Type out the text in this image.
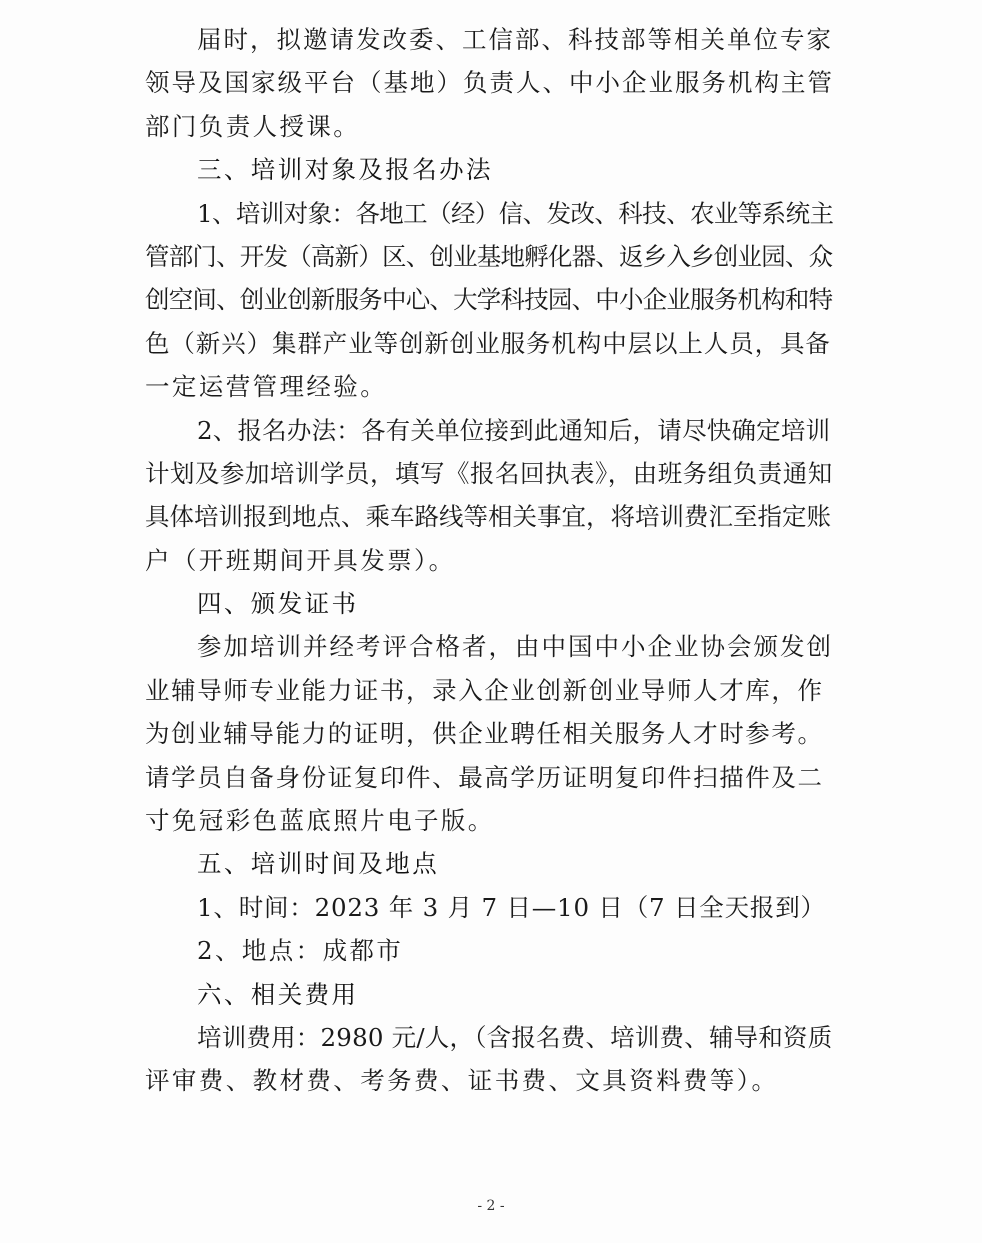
届时，拟邀请发改委、工信部、科技部等相关单位专家
领导及国家级平台（基地）负责人、中小企业服务机构主管
部门负责人授课。
三、培训对象及报名办法
1、培训对象：各地工（经）信、发改、科技、农业等系统主
管部门、开发（高新）区、创业基地孵化器、返乡入乡创业园、众
创空间、创业创新服务中心、大学科技园、中小企业服务机构和特
色（新兴）集群产业等创新创业服务机构中层以上人员，具备
一定运营管理经验。
2、报名办法：各有关单位接到此通知后，请尽快确定培训
计划及参加培训学员，填写《报名回执表》，由班务组负责通知
具体培训报到地点、乘车路线等相关事宜，将培训费汇至指定账
户（开班期间开具发票）。
四、颁发证书
参加培训并经考评合格者，由中国中小企业协会颁发创
业辅导师专业能力证书，录入企业创新创业导师人才库，作
为创业辅导能力的证明，供企业聘任相关服务人才时参考。
请学员自备身份证复印件、最高学历证明复印件扫描件及二
寸免冠彩色蓝底照片电子版。
五、培训时间及地点
1、时间：2023 年 3 月 7 日—10 日（7 日全天报到）
2、地点：成都市
六、相关费用
培训费用：2980 元/人，（含报名费、培训费、辅导和资质
评审费、教材费、考务费、证书费、文具资料费等）。
- 2 -
